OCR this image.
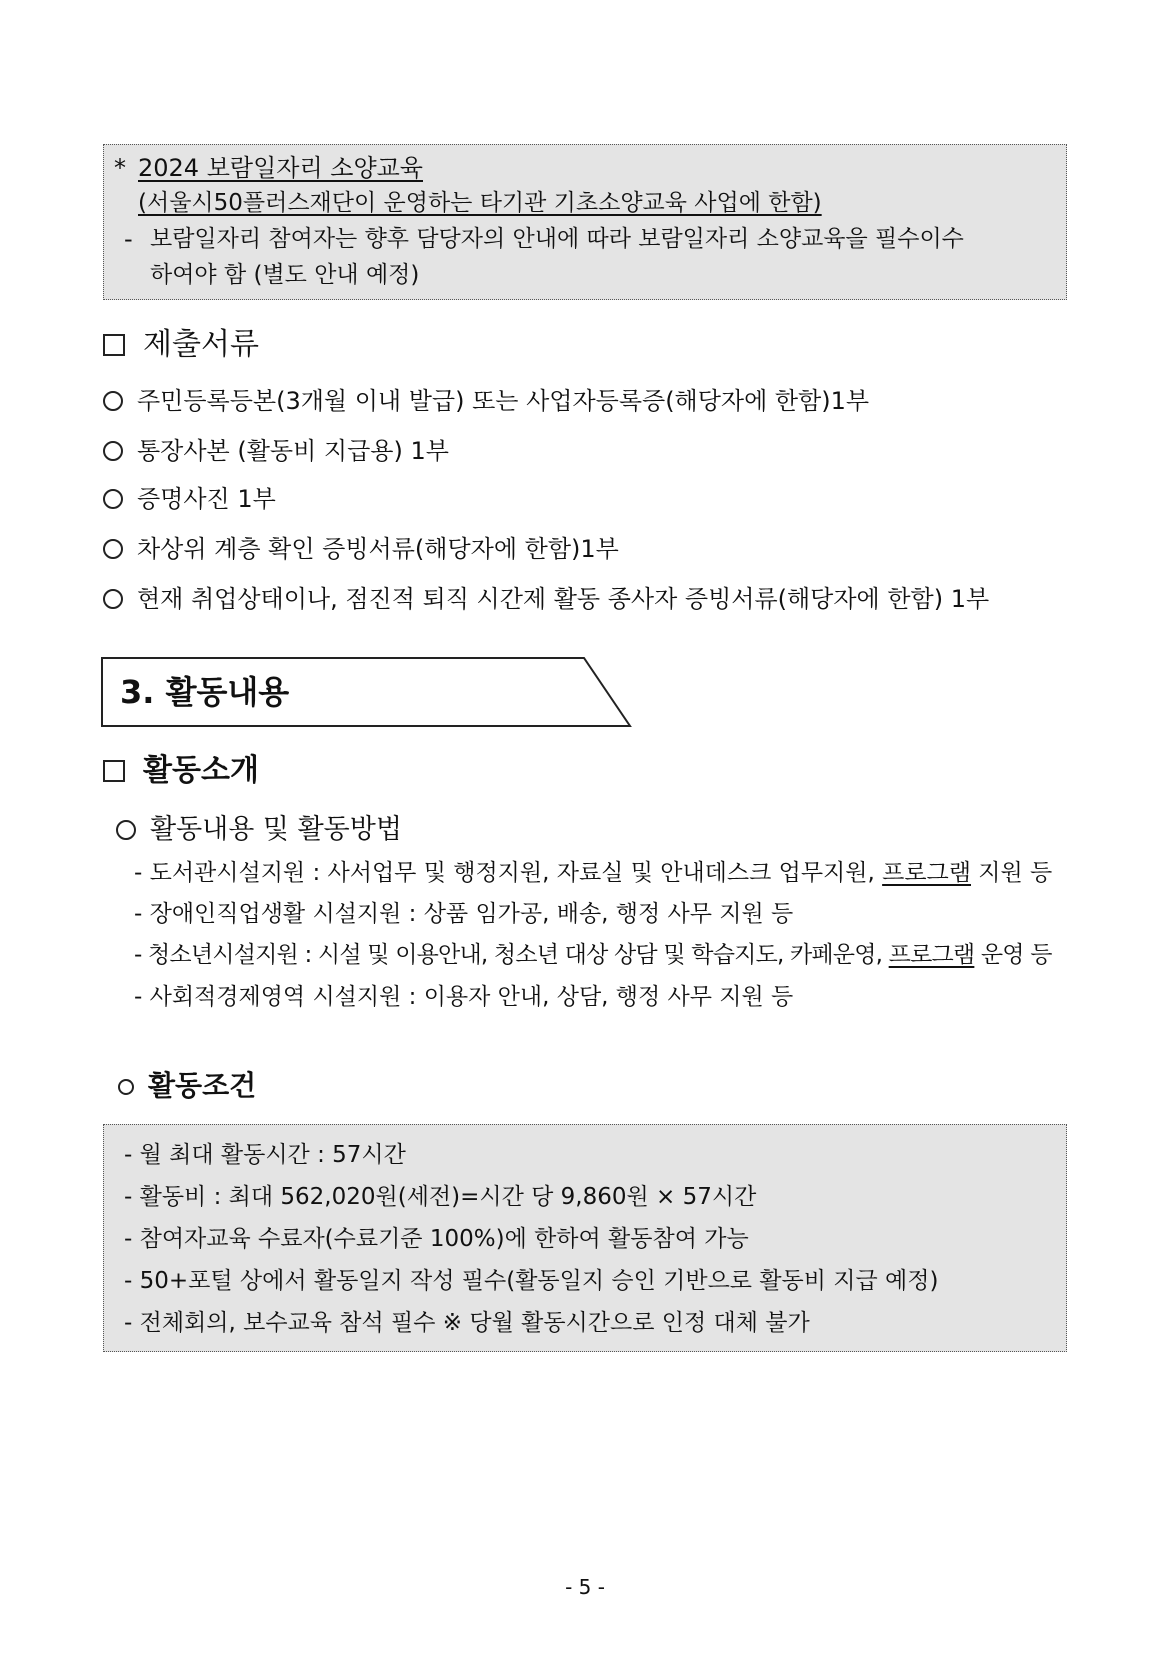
* 2024 보람일자리 소양교육
(서울시50플러스재단이 운영하는 타기관 기초소양교육 사업에 한함)
- 보람일자리 참여자는 향후 담당자의 안내에 따라 보람일자리 소양교육을 필수이수
하여야 함 (별도 안내 예정)
제출서류
주민등록등본(3개월 이내 발급) 또는 사업자등록증(해당자에 한함)1부
통장사본 (활동비 지급용) 1부
증명사진 1부
차상위 계층 확인 증빙서류(해당자에 한함)1부
현재 취업상태이나, 점진적 퇴직 시간제 활동 종사자 증빙서류(해당자에 한함) 1부
3. 활동내용
활동소개
활동내용 및 활동방법
- 도서관시설지원 : 사서업무 및 행정지원, 자료실 및 안내데스크 업무지원, 프로그램 지원 등
- 장애인직업생활 시설지원 : 상품 임가공, 배송, 행정 사무 지원 등
- 청소년시설지원 : 시설 및 이용안내, 청소년 대상 상담 및 학습지도, 카페운영, 프로그램 운영 등
- 사회적경제영역 시설지원 : 이용자 안내, 상담, 행정 사무 지원 등
활동조건
- 월 최대 활동시간 : 57시간
- 활동비 : 최대 562,020원(세전)=시간 당 9,860원 × 57시간
- 참여자교육 수료자(수료기준 100%)에 한하여 활동참여 가능
- 50+포털 상에서 활동일지 작성 필수(활동일지 승인 기반으로 활동비 지급 예정)
- 전체회의, 보수교육 참석 필수 ※ 당월 활동시간으로 인정 대체 불가
- 5 -
